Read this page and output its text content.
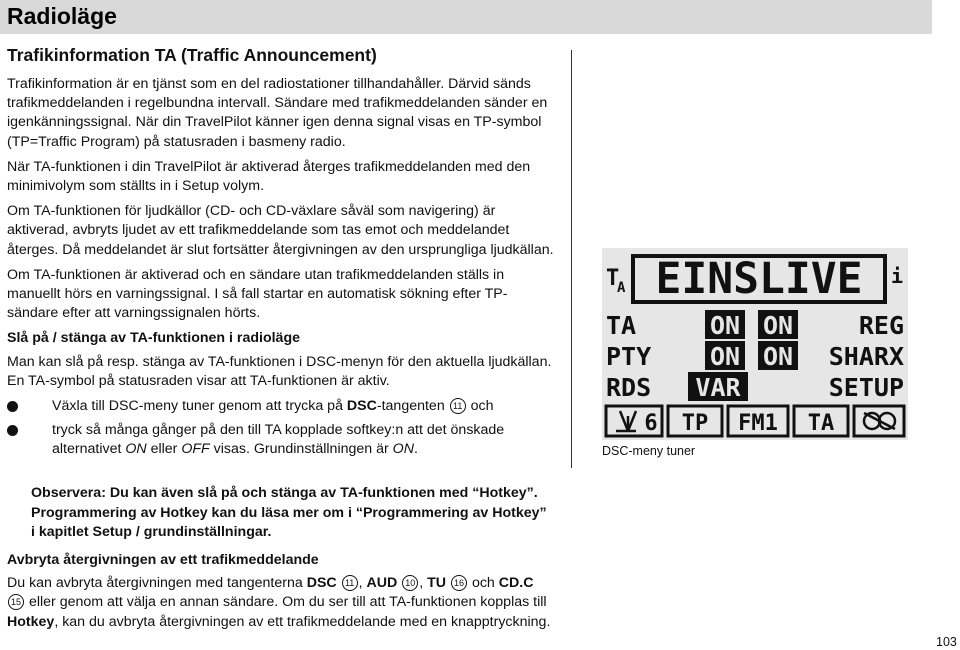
Radioläge
Trafikinformation TA (Traffic Announcement)

Trafikinformation är en tjänst som en del radiostationer tillhandahåller. Därvid sänds trafikmeddelanden i regelbundna intervall. Sändare med trafikmeddelanden sänder en igenkänningssignal. När din TravelPilot känner igen denna signal visas en TP-symbol (TP=Traffic Program) på statusraden i basmeny radio.

När TA-funktionen i din TravelPilot är aktiverad återges trafikmeddelanden med den minimivolym som ställts in i Setup volym.

Om TA-funktionen för ljudkällor (CD- och CD-växlare såväl som navigering) är aktiverad, avbryts ljudet av ett trafikmeddelande som tas emot och meddelandet återges. Då meddelandet är slut fortsätter återgivningen av den ursprungliga ljudkällan.

Om TA-funktionen är aktiverad och en sändare utan trafikmeddelanden ställs in manuellt hörs en varningssignal. I så fall startar en automatisk sökning efter TP-sändare efter att varningssignalen hörts.

Slå på / stänga av TA-funktionen i radioläge

Man kan slå på resp. stänga av TA-funktionen i DSC-menyn för den aktuella ljudkällan. En TA-symbol på statusraden visar att TA-funktionen är aktiv.

Växla till DSC-meny tuner genom att trycka på DSC-tangenten 11 och
tryck så många gånger på den till TA kopplade softkey:n att det önskade alternativet ON eller OFF visas. Grundinställningen är ON.
T
A EINSLIVE i
TA	ON ON	REG
PTY ON ON SHARX
RDS VAR	SETUP
6 TP FM1 TA
DSC-meny tuner
Observera: Du kan även slå på och stänga av TA-funktionen med “Hotkey”. Programmering av Hotkey kan du läsa mer om i “Programmering av Hotkey” i kapitlet Setup / grundinställningar.
Avbryta återgivningen av ett trafikmeddelande

Du kan avbryta återgivningen med tangenterna DSC 11 , AUD 10 , TU 16 och CD.C 15 eller genom att välja en annan sändare. Om du ser till att TA-funktionen kopplas till Hotkey, kan du avbryta återgivningen av ett trafikmeddelande med en knapptryckning.

103
